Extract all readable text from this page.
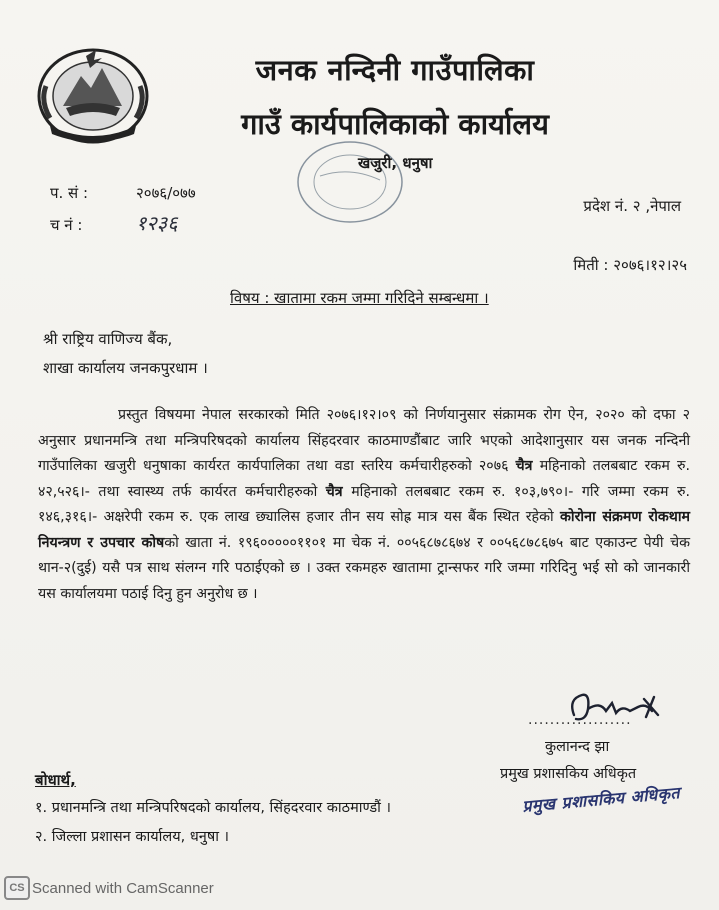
जनक नन्दिनी गाउँपालिका
गाउँ कार्यपालिकाको कार्यालय
खजुरी, धनुषा
प. सं :	२०७६/०७७
च नं :	१२३६
प्रदेश नं. २ ,नेपाल
मिती : २०७६।१२।२५
विषय : खातामा रकम जम्मा गरिदिने सम्बन्धमा ।
श्री राष्ट्रिय वाणिज्य बैंक,
शाखा कार्यालय जनकपुरधाम ।

प्रस्तुत विषयमा नेपाल सरकारको मिति २०७६।१२।०९ को निर्णयानुसार संक्रामक रोग ऐन, २०२० को दफा २ अनुसार प्रधानमन्त्रि तथा मन्त्रिपरिषदको कार्यालय सिंहदरवार काठमाण्डौंबाट जारि भएको आदेशानुसार यस जनक नन्दिनी गाउँपालिका खजुरी धनुषाका कार्यरत कार्यपालिका तथा वडा स्तरिय कर्मचारीहरुको २०७६ चैत्र महिनाको तलबबाट रकम रु. ४२,५२६।- तथा स्वास्थ्य तर्फ कार्यरत कर्मचारीहरुको चैत्र महिनाको तलबबाट रकम रु. १०३,७९०।- गरि जम्मा रकम रु. १४६,३१६।- अक्षरेपी रकम रु. एक लाख छ्यालिस हजार तीन सय सोह्र मात्र यस बैंक स्थित रहेको कोरोना संक्रमण रोकथाम नियन्त्रण र उपचार कोषको खाता नं. १९६०००००११०१ मा चेक नं. ००५६८७८६७४ र ००५६८७८६७५ बाट एकाउन्ट पेयी चेक थान-२(दुई) यसै पत्र साथ संलग्न गरि पठाईएको छ । उक्त रकमहरु खातामा ट्रान्सफर गरि जम्मा गरिदिनु भई सो को जानकारी यस कार्यालयमा पठाई दिनु हुन अनुरोध छ ।

...................
कुलानन्द झा
प्रमुख प्रशासकिय अधिकृत
प्रमुख प्रशासकिय अधिकृत
बोधार्थ,
१. प्रधानमन्त्रि तथा मन्त्रिपरिषदको कार्यालय, सिंहदरवार काठमाण्डौं ।
२. जिल्ला प्रशासन कार्यालय, धनुषा ।
CS Scanned with CamScanner
